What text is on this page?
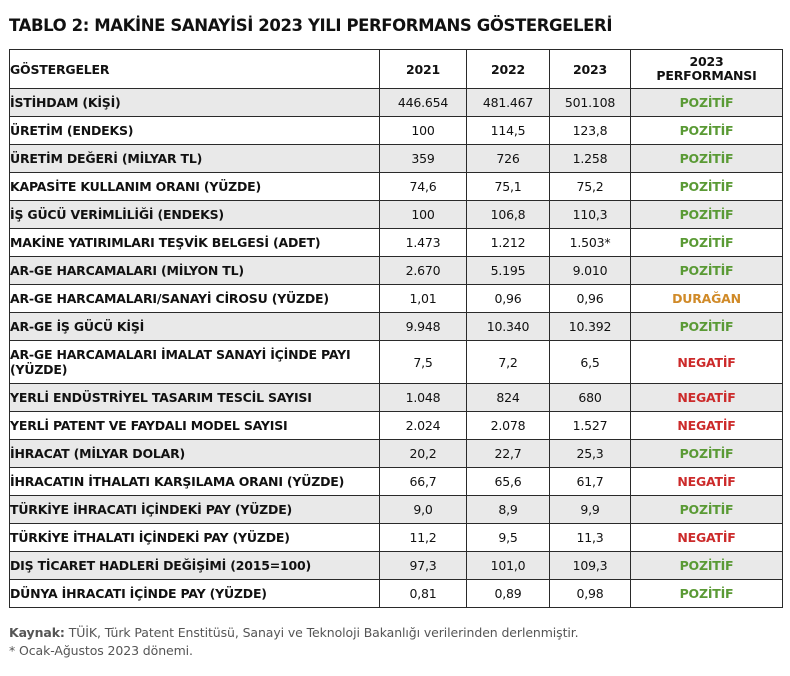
TABLO 2: MAKİNE SANAYİSİ 2023 YILI PERFORMANS GÖSTERGELERİ
GÖSTERGELER	2021	2022	2023	2023
PERFORMANSI

İSTİHDAM (KİŞİ)	446.654	481.467	501.108	POZİTİF

ÜRETİM (ENDEKS)	100	114,5	123,8	POZİTİF

ÜRETİM DEĞERİ (MİLYAR TL)	359	726	1.258	POZİTİF

KAPASİTE KULLANIM ORANI (YÜZDE)	74,6	75,1	75,2	POZİTİF

İŞ GÜCÜ VERİMLİLİĞİ (ENDEKS)	100	106,8	110,3	POZİTİF

MAKİNE YATIRIMLARI TEŞVİK BELGESİ (ADET)	1.473	1.212	1.503*	POZİTİF

AR-GE HARCAMALARI (MİLYON TL)	2.670	5.195	9.010	POZİTİF

AR-GE HARCAMALARI/SANAYİ CİROSU (YÜZDE)	1,01	0,96	0,96	DURAĞAN

AR-GE İŞ GÜCÜ KİŞİ	9.948	10.340	10.392	POZİTİF

AR-GE HARCAMALARI İMALAT SANAYİ İÇİNDE PAYI (YÜZDE)	7,5	7,2	6,5	NEGATİF

YERLİ ENDÜSTRİYEL TASARIM TESCİL SAYISI	1.048	824	680	NEGATİF

YERLİ PATENT VE FAYDALI MODEL SAYISI	2.024	2.078	1.527	NEGATİF

İHRACAT (MİLYAR DOLAR)	20,2	22,7	25,3	POZİTİF

İHRACATIN İTHALATI KARŞILAMA ORANI (YÜZDE)	66,7	65,6	61,7	NEGATİF

TÜRKİYE İHRACATI İÇİNDEKİ PAY (YÜZDE)	9,0	8,9	9,9	POZİTİF

TÜRKİYE İTHALATI İÇİNDEKİ PAY (YÜZDE)	11,2	9,5	11,3	NEGATİF

DIŞ TİCARET HADLERİ DEĞİŞİMİ (2015=100)	97,3	101,0	109,3	POZİTİF

DÜNYA İHRACATI İÇİNDE PAY (YÜZDE)	0,81	0,89	0,98	POZİTİF
Kaynak: TÜİK, Türk Patent Enstitüsü, Sanayi ve Teknoloji Bakanlığı verilerinden derlenmiştir.
* Ocak-Ağustos 2023 dönemi.
